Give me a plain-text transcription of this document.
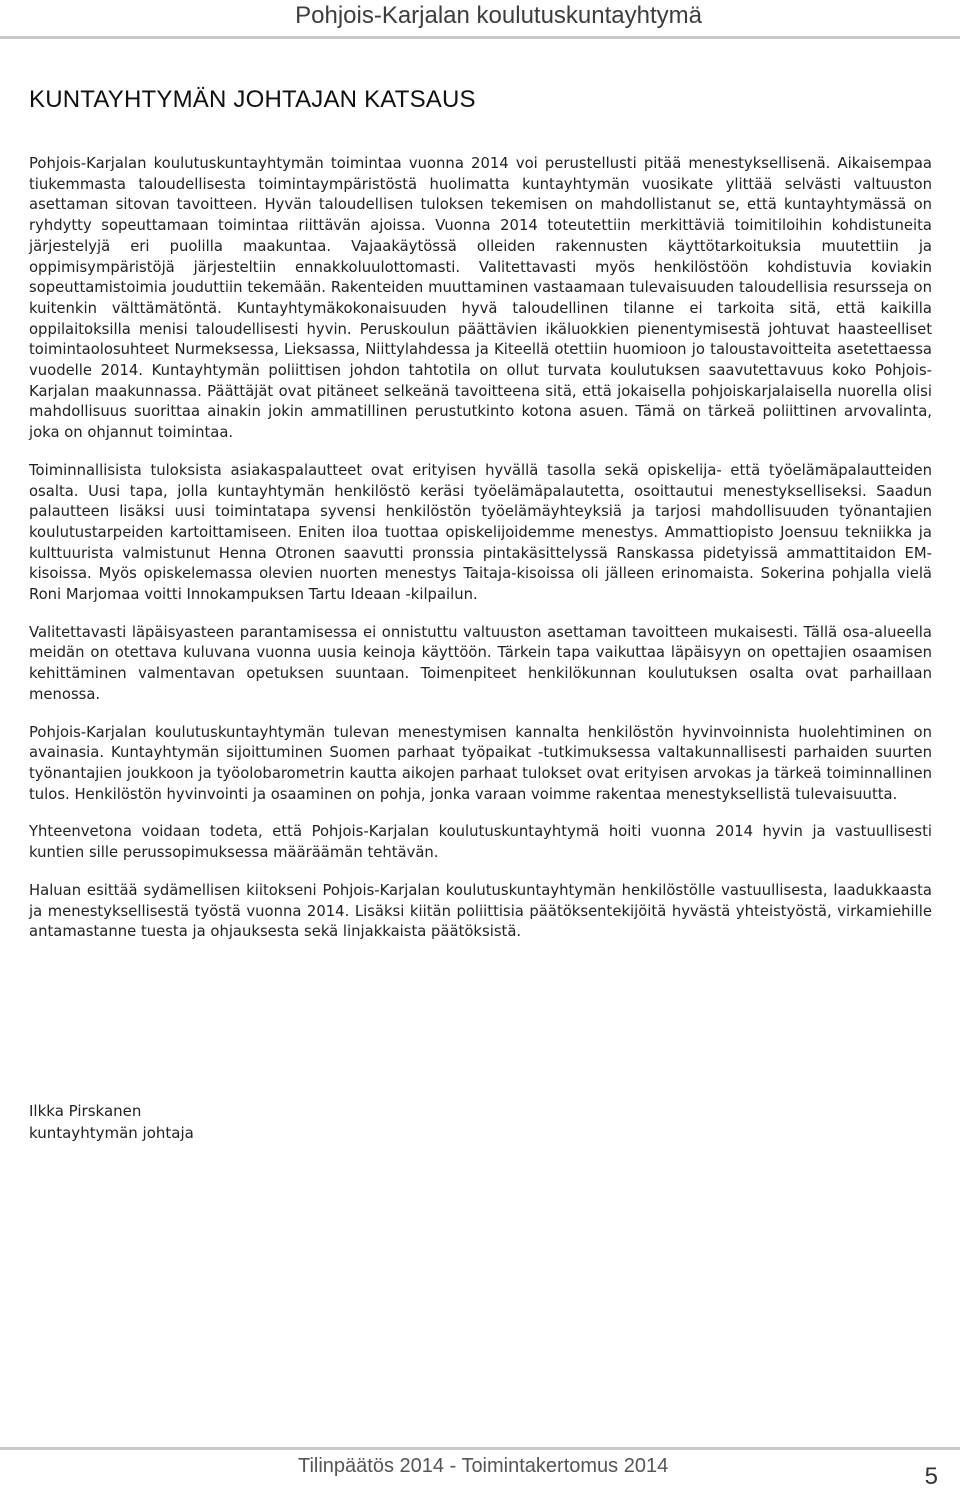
Pohjois-Karjalan koulutuskuntayhtymä
KUNTAYHTYMÄN JOHTAJAN KATSAUS

Pohjois-Karjalan koulutuskuntayhtymän toimintaa vuonna 2014 voi perustellusti pitää menestyksellisenä. Aikaisempaa tiukemmasta taloudellisesta toimintaympäristöstä huolimatta kuntayhtymän vuosikate ylittää selvästi valtuuston asettaman sitovan tavoitteen. Hyvän taloudellisen tuloksen tekemisen on mahdollistanut se, että kuntayhtymässä on ryhdytty sopeuttamaan toimintaa riittävän ajoissa. Vuonna 2014 toteutettiin merkittäviä toimitiloihin kohdistuneita järjestelyjä eri puolilla maakuntaa. Vajaakäytössä olleiden rakennusten käyttötarkoituksia muutettiin ja oppimisympäristöjä järjesteltiin ennakkoluulottomasti. Valitettavasti myös henkilöstöön kohdistuvia koviakin sopeuttamistoimia jouduttiin tekemään. Rakenteiden muuttaminen vastaamaan tulevaisuuden taloudellisia resursseja on kuitenkin välttämätöntä. Kuntayhtymäkokonaisuuden hyvä taloudellinen tilanne ei tarkoita sitä, että kaikilla oppilaitoksilla menisi taloudellisesti hyvin. Peruskoulun päättävien ikäluokkien pienentymisestä johtuvat haasteelliset toimintaolosuhteet Nurmeksessa, Lieksassa, Niittylahdessa ja Kiteellä otettiin huomioon jo taloustavoitteita asetettaessa vuodelle 2014. Kuntayhtymän poliittisen johdon tahtotila on ollut turvata koulutuksen saavutettavuus koko Pohjois-Karjalan maakunnassa. Päättäjät ovat pitäneet selkeänä tavoitteena sitä, että jokaisella pohjoiskarjalaisella nuorella olisi mahdollisuus suorittaa ainakin jokin ammatillinen perustutkinto kotona asuen. Tämä on tärkeä poliittinen arvovalinta, joka on ohjannut toimintaa.

Toiminnallisista tuloksista asiakaspalautteet ovat erityisen hyvällä tasolla sekä opiskelija- että työelämäpalautteiden osalta. Uusi tapa, jolla kuntayhtymän henkilöstö keräsi työelämäpalautetta, osoittautui menestykselliseksi. Saadun palautteen lisäksi uusi toimintatapa syvensi henkilöstön työelämäyhteyksiä ja tarjosi mahdollisuuden työnantajien koulutustarpeiden kartoittamiseen. Eniten iloa tuottaa opiskelijoidemme menestys. Ammattiopisto Joensuu tekniikka ja kulttuurista valmistunut Henna Otronen saavutti pronssia pintakäsittelyssä Ranskassa pidetyissä ammattitaidon EM-kisoissa. Myös opiskelemassa olevien nuorten menestys Taitaja-kisoissa oli jälleen erinomaista. Sokerina pohjalla vielä Roni Marjomaa voitti Innokampuksen Tartu Ideaan -kilpailun.

Valitettavasti läpäisyasteen parantamisessa ei onnistuttu valtuuston asettaman tavoitteen mukaisesti. Tällä osa-alueella meidän on otettava kuluvana vuonna uusia keinoja käyttöön. Tärkein tapa vaikuttaa läpäisyyn on opettajien osaamisen kehittäminen valmentavan opetuksen suuntaan. Toimenpiteet henkilökunnan koulutuksen osalta ovat parhaillaan menossa.

Pohjois-Karjalan koulutuskuntayhtymän tulevan menestymisen kannalta henkilöstön hyvinvoinnista huolehtiminen on avainasia. Kuntayhtymän sijoittuminen Suomen parhaat työpaikat -tutkimuksessa valtakunnallisesti parhaiden suurten työnantajien joukkoon ja työolobarometrin kautta aikojen parhaat tulokset ovat erityisen arvokas ja tärkeä toiminnallinen tulos. Henkilöstön hyvinvointi ja osaaminen on pohja, jonka varaan voimme rakentaa menestyksellistä tulevaisuutta.

Yhteenvetona voidaan todeta, että Pohjois-Karjalan koulutuskuntayhtymä hoiti vuonna 2014 hyvin ja vastuullisesti kuntien sille perussopimuksessa määräämän tehtävän.

Haluan esittää sydämellisen kiitokseni Pohjois-Karjalan koulutuskuntayhtymän henkilöstölle vastuullisesta, laadukkaasta ja menestyksellisestä työstä vuonna 2014. Lisäksi kiitän poliittisia päätöksentekijöitä hyvästä yhteistyöstä, virkamiehille antamastanne tuesta ja ohjauksesta sekä linjakkaista päätöksistä.

Ilkka Pirskanen
kuntayhtymän johtaja
Tilinpäätös 2014 - Toimintakertomus 2014	5
